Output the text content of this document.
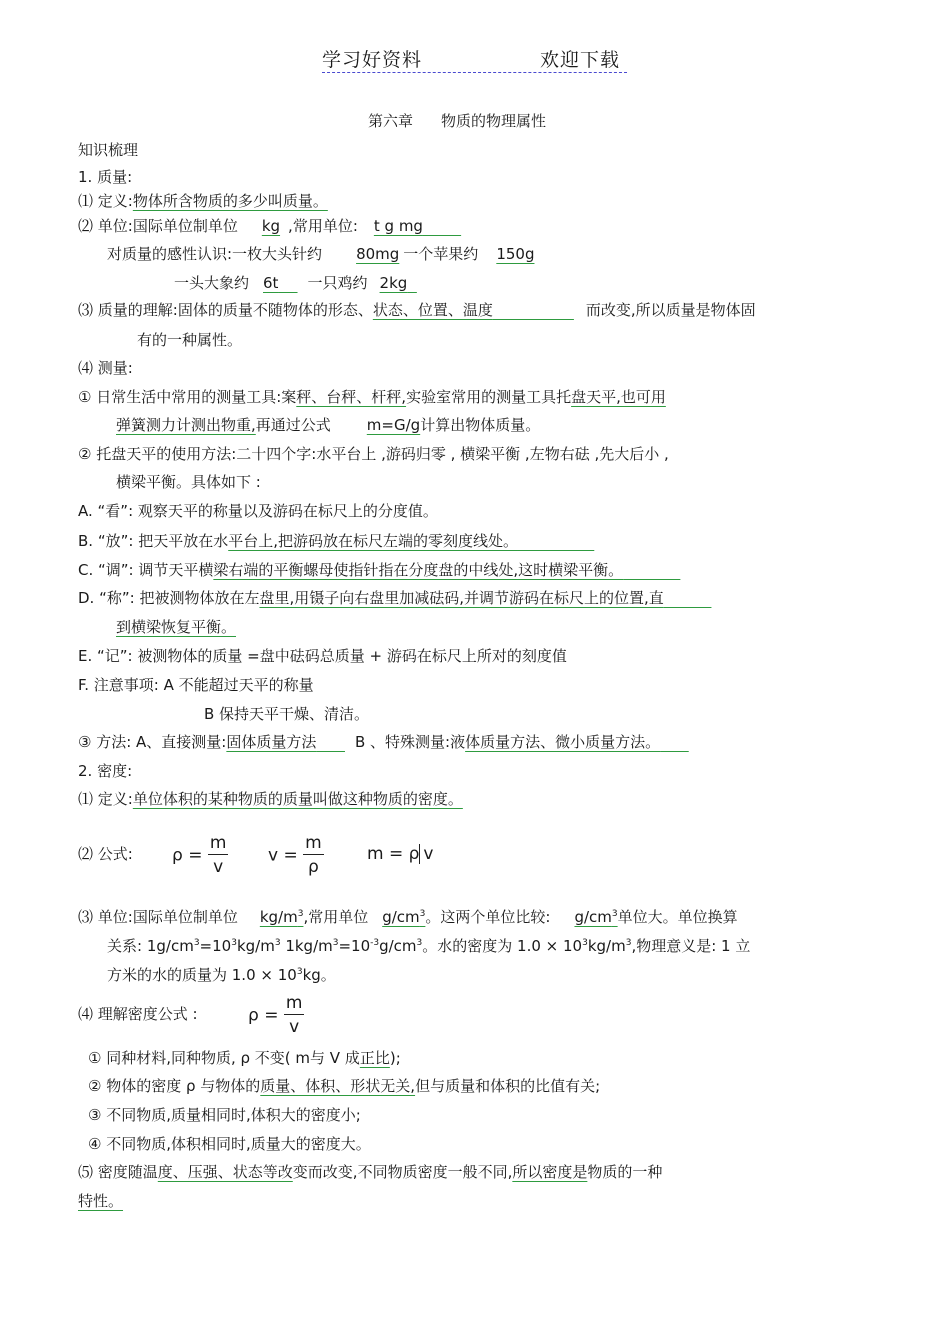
学习好资料	欢迎下载
第六章 物质的物理属性
知识梳理
1. 质量:
⑴ 定义:物体所含物质的多少叫质量。
⑵ 单位:国际单位制单位 kg ,常用单位: t g mg
对质量的感性认识:一枚大头针约 80mg 一个苹果约 150g
一头大象约 6t 一只鸡约 2kg
⑶ 质量的理解:固体的质量不随物体的形态、状态、位置、温度	而改变,所以质量是物体固
有的一种属性。
⑷ 测量:
① 日常生活中常用的测量工具:案秤、台秤、杆秤,实验室常用的测量工具托盘天平,也可用
弹簧测力计测出物重,再通过公式 m=G/g计算出物体质量。
② 托盘天平的使用方法:二十四个字:水平台上 ,游码归零 , 横梁平衡 ,左物右砝 ,先大后小 ,
横梁平衡。具体如下 :
A. “看”: 观察天平的称量以及游码在标尺上的分度值。
B. “放”: 把天平放在水平台上,把游码放在标尺左端的零刻度线处。
C. “调”: 调节天平横梁右端的平衡螺母使指针指在分度盘的中线处,这时横梁平衡。
D. “称”: 把被测物体放在左盘里,用镊子向右盘里加减砝码,并调节游码在标尺上的位置,直
到横梁恢复平衡。
E. “记”: 被测物体的质量 =盘中砝码总质量 + 游码在标尺上所对的刻度值
F. 注意事项: A 不能超过天平的称量
B 保持天平干燥、清洁。
③ 方法: A、直接测量:固体质量方法	B 、特殊测量:液体质量方法、微小质量方法。
2. 密度:
⑴ 定义:单位体积的某种物质的质量叫做这种物质的密度。
⑵ 公式: $\rho = \frac{m}{v}$ $v = \frac{m}{\rho}$	m = ρ v
⑶ 单位:国际单位制单位 $kg/m^3$,常用单位 $g/cm^3$。这两个单位比较: $g/cm^3$单位大。单位换算
关系: $1g/cm^3=10^3kg/m^3$ $1kg/m^3=10^{-3}g/cm^3$。水的密度为 $1.0 \times 10^3kg/m^3$,物理意义是: 1 立
方米的水的质量为 $1.0 \times 10^3kg$。
⑷ 理解密度公式 :	$\rho = \frac{m}{v}$
① 同种材料,同种物质, ρ 不变( m与 V 成正比);
② 物体的密度 ρ 与物体的质量、体积、形状无关,但与质量和体积的比值有关;
③ 不同物质,质量相同时,体积大的密度小;
④ 不同物质,体积相同时,质量大的密度大。
⑸ 密度随温度、压强、状态等改变而改变,不同物质密度一般不同,所以密度是物质的一种
特性。
